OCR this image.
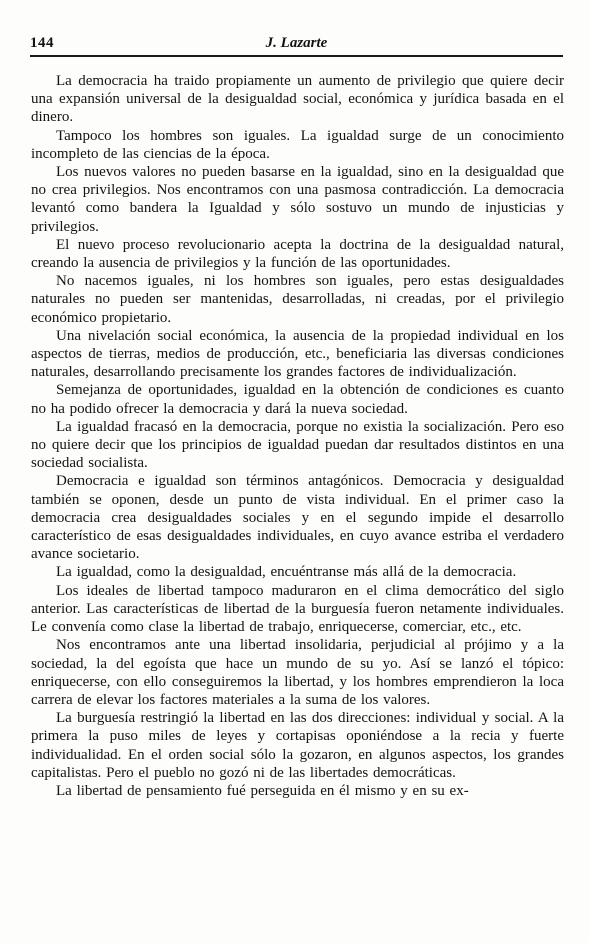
144	J. Lazarte

La democracia ha traido propiamente un aumento de privilegio que quiere decir una expansión universal de la desigualdad social, económica y jurídica basada en el dinero.

Tampoco los hombres son iguales. La igualdad surge de un conocimiento incompleto de las ciencias de la época.

Los nuevos valores no pueden basarse en la igualdad, sino en la desigualdad que no crea privilegios. Nos encontramos con una pasmosa contradicción. La democracia levantó como bandera la Igualdad y sólo sostuvo un mundo de injusticias y privilegios.

El nuevo proceso revolucionario acepta la doctrina de la desigualdad natural, creando la ausencia de privilegios y la función de las oportunidades.

No nacemos iguales, ni los hombres son iguales, pero estas desigualdades naturales no pueden ser mantenidas, desarrolladas, ni creadas, por el privilegio económico propietario.

Una nivelación social económica, la ausencia de la propiedad individual en los aspectos de tierras, medios de producción, etc., beneficiaria las diversas condiciones naturales, desarrollando precisamente los grandes factores de individualización.

Semejanza de oportunidades, igualdad en la obtención de condiciones es cuanto no ha podido ofrecer la democracia y dará la nueva sociedad.

La igualdad fracasó en la democracia, porque no existia la socialización. Pero eso no quiere decir que los principios de igualdad puedan dar resultados distintos en una sociedad socialista.

Democracia e igualdad son términos antagónicos. Democracia y desigualdad también se oponen, desde un punto de vista individual. En el primer caso la democracia crea desigualdades sociales y en el segundo impide el desarrollo característico de esas desigualdades individuales, en cuyo avance estriba el verdadero avance societario.

La igualdad, como la desigualdad, encuéntranse más allá de la democracia.

Los ideales de libertad tampoco maduraron en el clima democrático del siglo anterior. Las características de libertad de la burguesía fueron netamente individuales. Le convenía como clase la libertad de trabajo, enriquecerse, comerciar, etc., etc.

Nos encontramos ante una libertad insolidaria, perjudicial al prójimo y a la sociedad, la del egoísta que hace un mundo de su yo. Así se lanzó el tópico: enriquecerse, con ello conseguiremos la libertad, y los hombres emprendieron la loca carrera de elevar los factores materiales a la suma de los valores.

La burguesía restringió la libertad en las dos direcciones: individual y social. A la primera la puso miles de leyes y cortapisas oponiéndose a la recia y fuerte individualidad. En el orden social sólo la gozaron, en algunos aspectos, los grandes capitalistas. Pero el pueblo no gozó ni de las libertades democráticas.

La libertad de pensamiento fué perseguida en él mismo y en su ex-
